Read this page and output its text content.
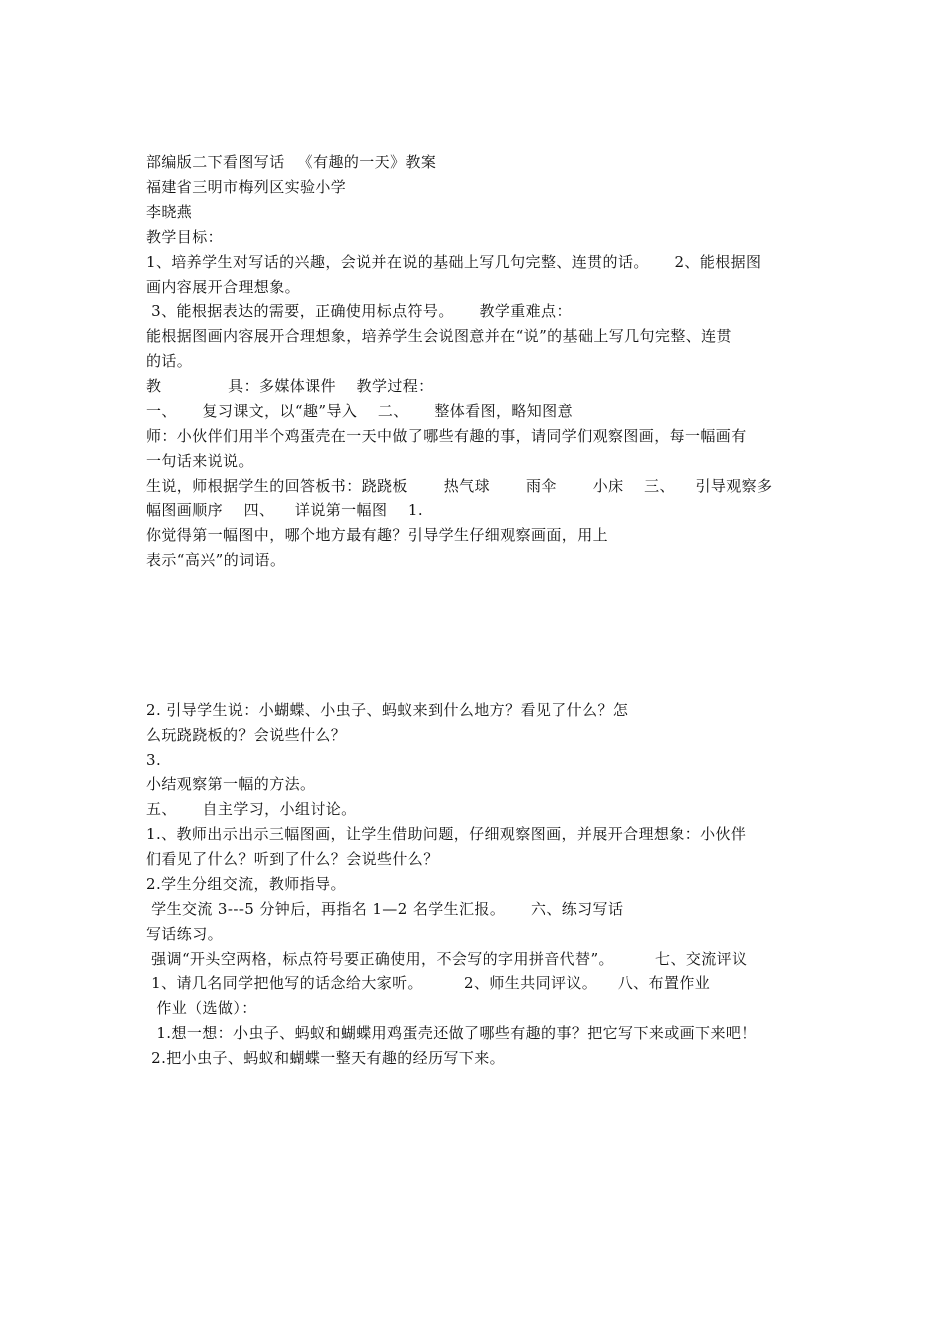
部编版二下看图写话 　《有趣的一天》教案
福建省三明市梅列区实验小学
李晓燕
教学目标：
1、培养学生对写话的兴趣，会说并在说的基础上写几句完整、连贯的话。 　 2、能根据图
画内容展开合理想象。
3、能根据表达的需要，正确使用标点符号。 　 教学重难点：
能根据图画内容展开合理想象，培养学生会说图意并在“说”的基础上写几句完整、连贯
的话。
教 　　　　具：多媒体课件 　教学过程：
一、 　 复习课文，以“趣”导入 　二、 　 整体看图，略知图意
师：小伙伴们用半个鸡蛋壳在一天中做了哪些有趣的事，请同学们观察图画，每一幅画有
一句话来说说。
生说，师根据学生的回答板书：跷跷板 　　热气球 　　雨伞 　　小床 　三、 　引导观察多
幅图画顺序 　四、 　详说第一幅图 　1.
你觉得第一幅图中，哪个地方最有趣？引导学生仔细观察画面，用上
表示“高兴”的词语。
2. 引导学生说：小蝴蝶、小虫子、蚂蚁来到什么地方？看见了什么？怎
么玩跷跷板的？会说些什么？
3.
小结观察第一幅的方法。
五、 　 自主学习，小组讨论。
1.、教师出示出示三幅图画，让学生借助问题，仔细观察图画，并展开合理想象：小伙伴
们看见了什么？听到了什么？会说些什么？
2.学生分组交流，教师指导。
学生交流 3---5 分钟后，再指名 1—2 名学生汇报。 　 六、练习写话
写话练习。
强调“开头空两格，标点符号要正确使用，不会写的字用拼音代替”。 　　 七、交流评议
1、请几名同学把他写的话念给大家听。 　　 2、师生共同评议。 　八、布置作业
作业（选做）：
1.想一想：小虫子、蚂蚁和蝴蝶用鸡蛋壳还做了哪些有趣的事？把它写下来或画下来吧！
2.把小虫子、蚂蚁和蝴蝶一整天有趣的经历写下来。
